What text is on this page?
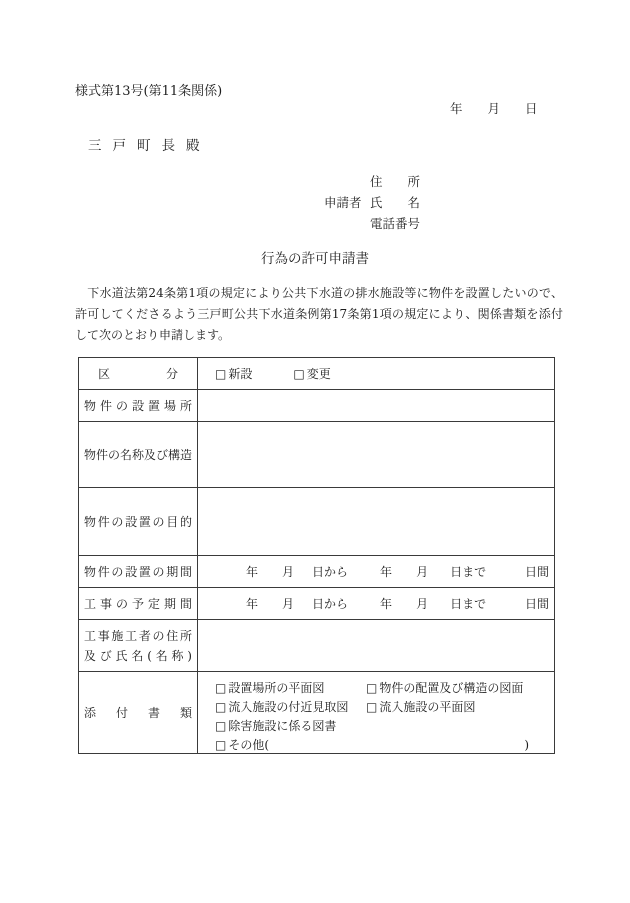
様式第13号(第11条関係)
年　　月　　日
三戸町長殿
住　　所
申請者 氏　　名
電話番号
行為の許可申請書
　下水道法第24条第1項の規定により公共下水道の排水施設等に物件を設置したいので、許可してくださるよう三戸町公共下水道条例第17条第1項の規定により、関係書類を添付して次のとおり申請します。
区分	□ 新設	□ 変更
物件の設置場所
物件の名称及び構造
物件の設置の目的
物件の設置の期間	年 月 日から	年 月 日まで	日間
工事の予定期間	年 月 日から	年 月 日まで	日間
工事施工者の住所
及び氏名(名称)
添付書類
□ 設置場所の平面図	□ 物件の配置及び構造の図面
□ 流入施設の付近見取図 □ 流入施設の平面図
□ 除害施設に係る図書
□ その他(	)
